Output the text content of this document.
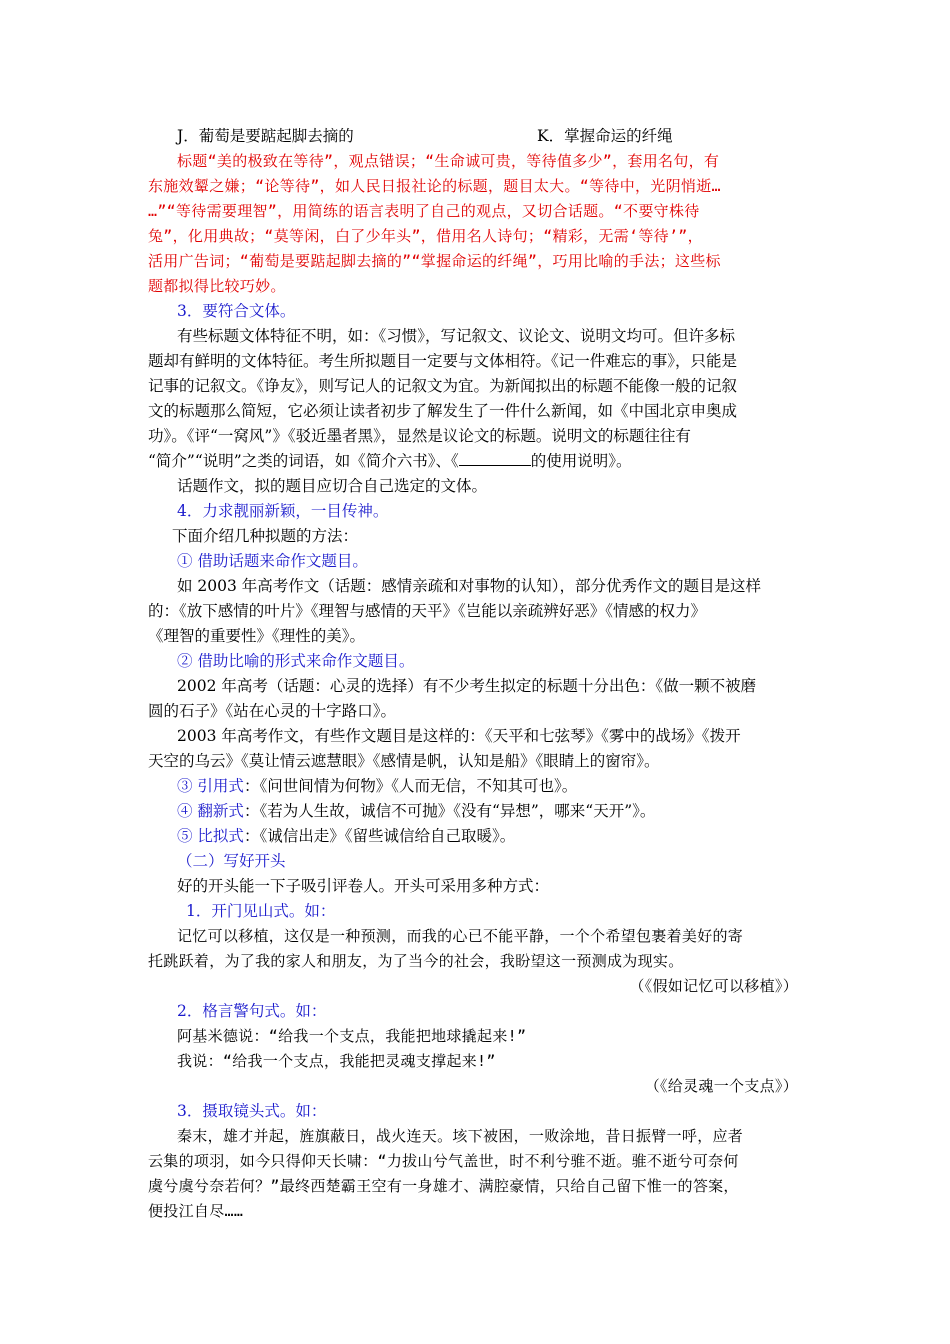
J．葡萄是要踮起脚去摘的	K．掌握命运的纤绳
标题“美的极致在等待”，观点错误；“生命诚可贵，等待值多少”，套用名句，有
东施效颦之嫌；“论等待”，如人民日报社论的标题，题目太大。“等待中，光阴悄逝…
…”“等待需要理智”，用简练的语言表明了自己的观点，又切合话题。“不要守株待
兔”，化用典故；“莫等闲，白了少年头”，借用名人诗句；“精彩，无需‘等待’”，
活用广告词；“葡萄是要踮起脚去摘的”“掌握命运的纤绳”，巧用比喻的手法；这些标
题都拟得比较巧妙。
3．要符合文体。
有些标题文体特征不明，如：《习惯》，写记叙文、议论文、说明文均可。但许多标
题却有鲜明的文体特征。考生所拟题目一定要与文体相符。《记一件难忘的事》，只能是
记事的记叙文。《诤友》，则写记人的记叙文为宜。为新闻拟出的标题不能像一般的记叙
文的标题那么简短，它必须让读者初步了解发生了一件什么新闻，如《中国北京申奥成
功》。《评“一窝风”》《驳近墨者黑》，显然是议论文的标题。说明文的标题往往有
“简介”“说明”之类的词语，如《简介六书》、《	的使用说明》。
话题作文，拟的题目应切合自己选定的文体。
4．力求靓丽新颖，一目传神。
下面介绍几种拟题的方法：
① 借助话题来命作文题目。
如 2003 年高考作文（话题：感情亲疏和对事物的认知），部分优秀作文的题目是这样
的：《放下感情的叶片》《理智与感情的天平》《岂能以亲疏辨好恶》《情感的权力》
《理智的重要性》《理性的美》。
② 借助比喻的形式来命作文题目。
2002 年高考（话题：心灵的选择）有不少考生拟定的标题十分出色：《做一颗不被磨
圆的石子》《站在心灵的十字路口》。
2003 年高考作文，有些作文题目是这样的：《天平和七弦琴》《雾中的战场》《拨开
天空的乌云》《莫让情云遮慧眼》《感情是帆，认知是船》《眼睛上的窗帘》。
③ 引用式：《问世间情为何物》《人而无信，不知其可也》。
④ 翻新式：《若为人生故，诚信不可抛》《没有“异想”，哪来“天开”》。
⑤ 比拟式：《诚信出走》《留些诚信给自己取暖》。
（二）写好开头
好的开头能一下子吸引评卷人。开头可采用多种方式：
1．开门见山式。如：
记忆可以移植，这仅是一种预测，而我的心已不能平静，一个个希望包裹着美好的寄
托跳跃着，为了我的家人和朋友，为了当今的社会，我盼望这一预测成为现实。
（《假如记忆可以移植》）
2．格言警句式。如：
阿基米德说：“给我一个支点，我能把地球撬起来!”
我说：“给我一个支点，我能把灵魂支撑起来!”
（《给灵魂一个支点》）
3．摄取镜头式。如：
秦末，雄才并起，旌旗蔽日，战火连天。垓下被困，一败涂地，昔日振臂一呼，应者
云集的项羽，如今只得仰天长啸：“力拔山兮气盖世，时不利兮骓不逝。骓不逝兮可奈何
虞兮虞兮奈若何？”最终西楚霸王空有一身雄才、满腔豪情，只给自己留下惟一的答案，
便投江自尽……
